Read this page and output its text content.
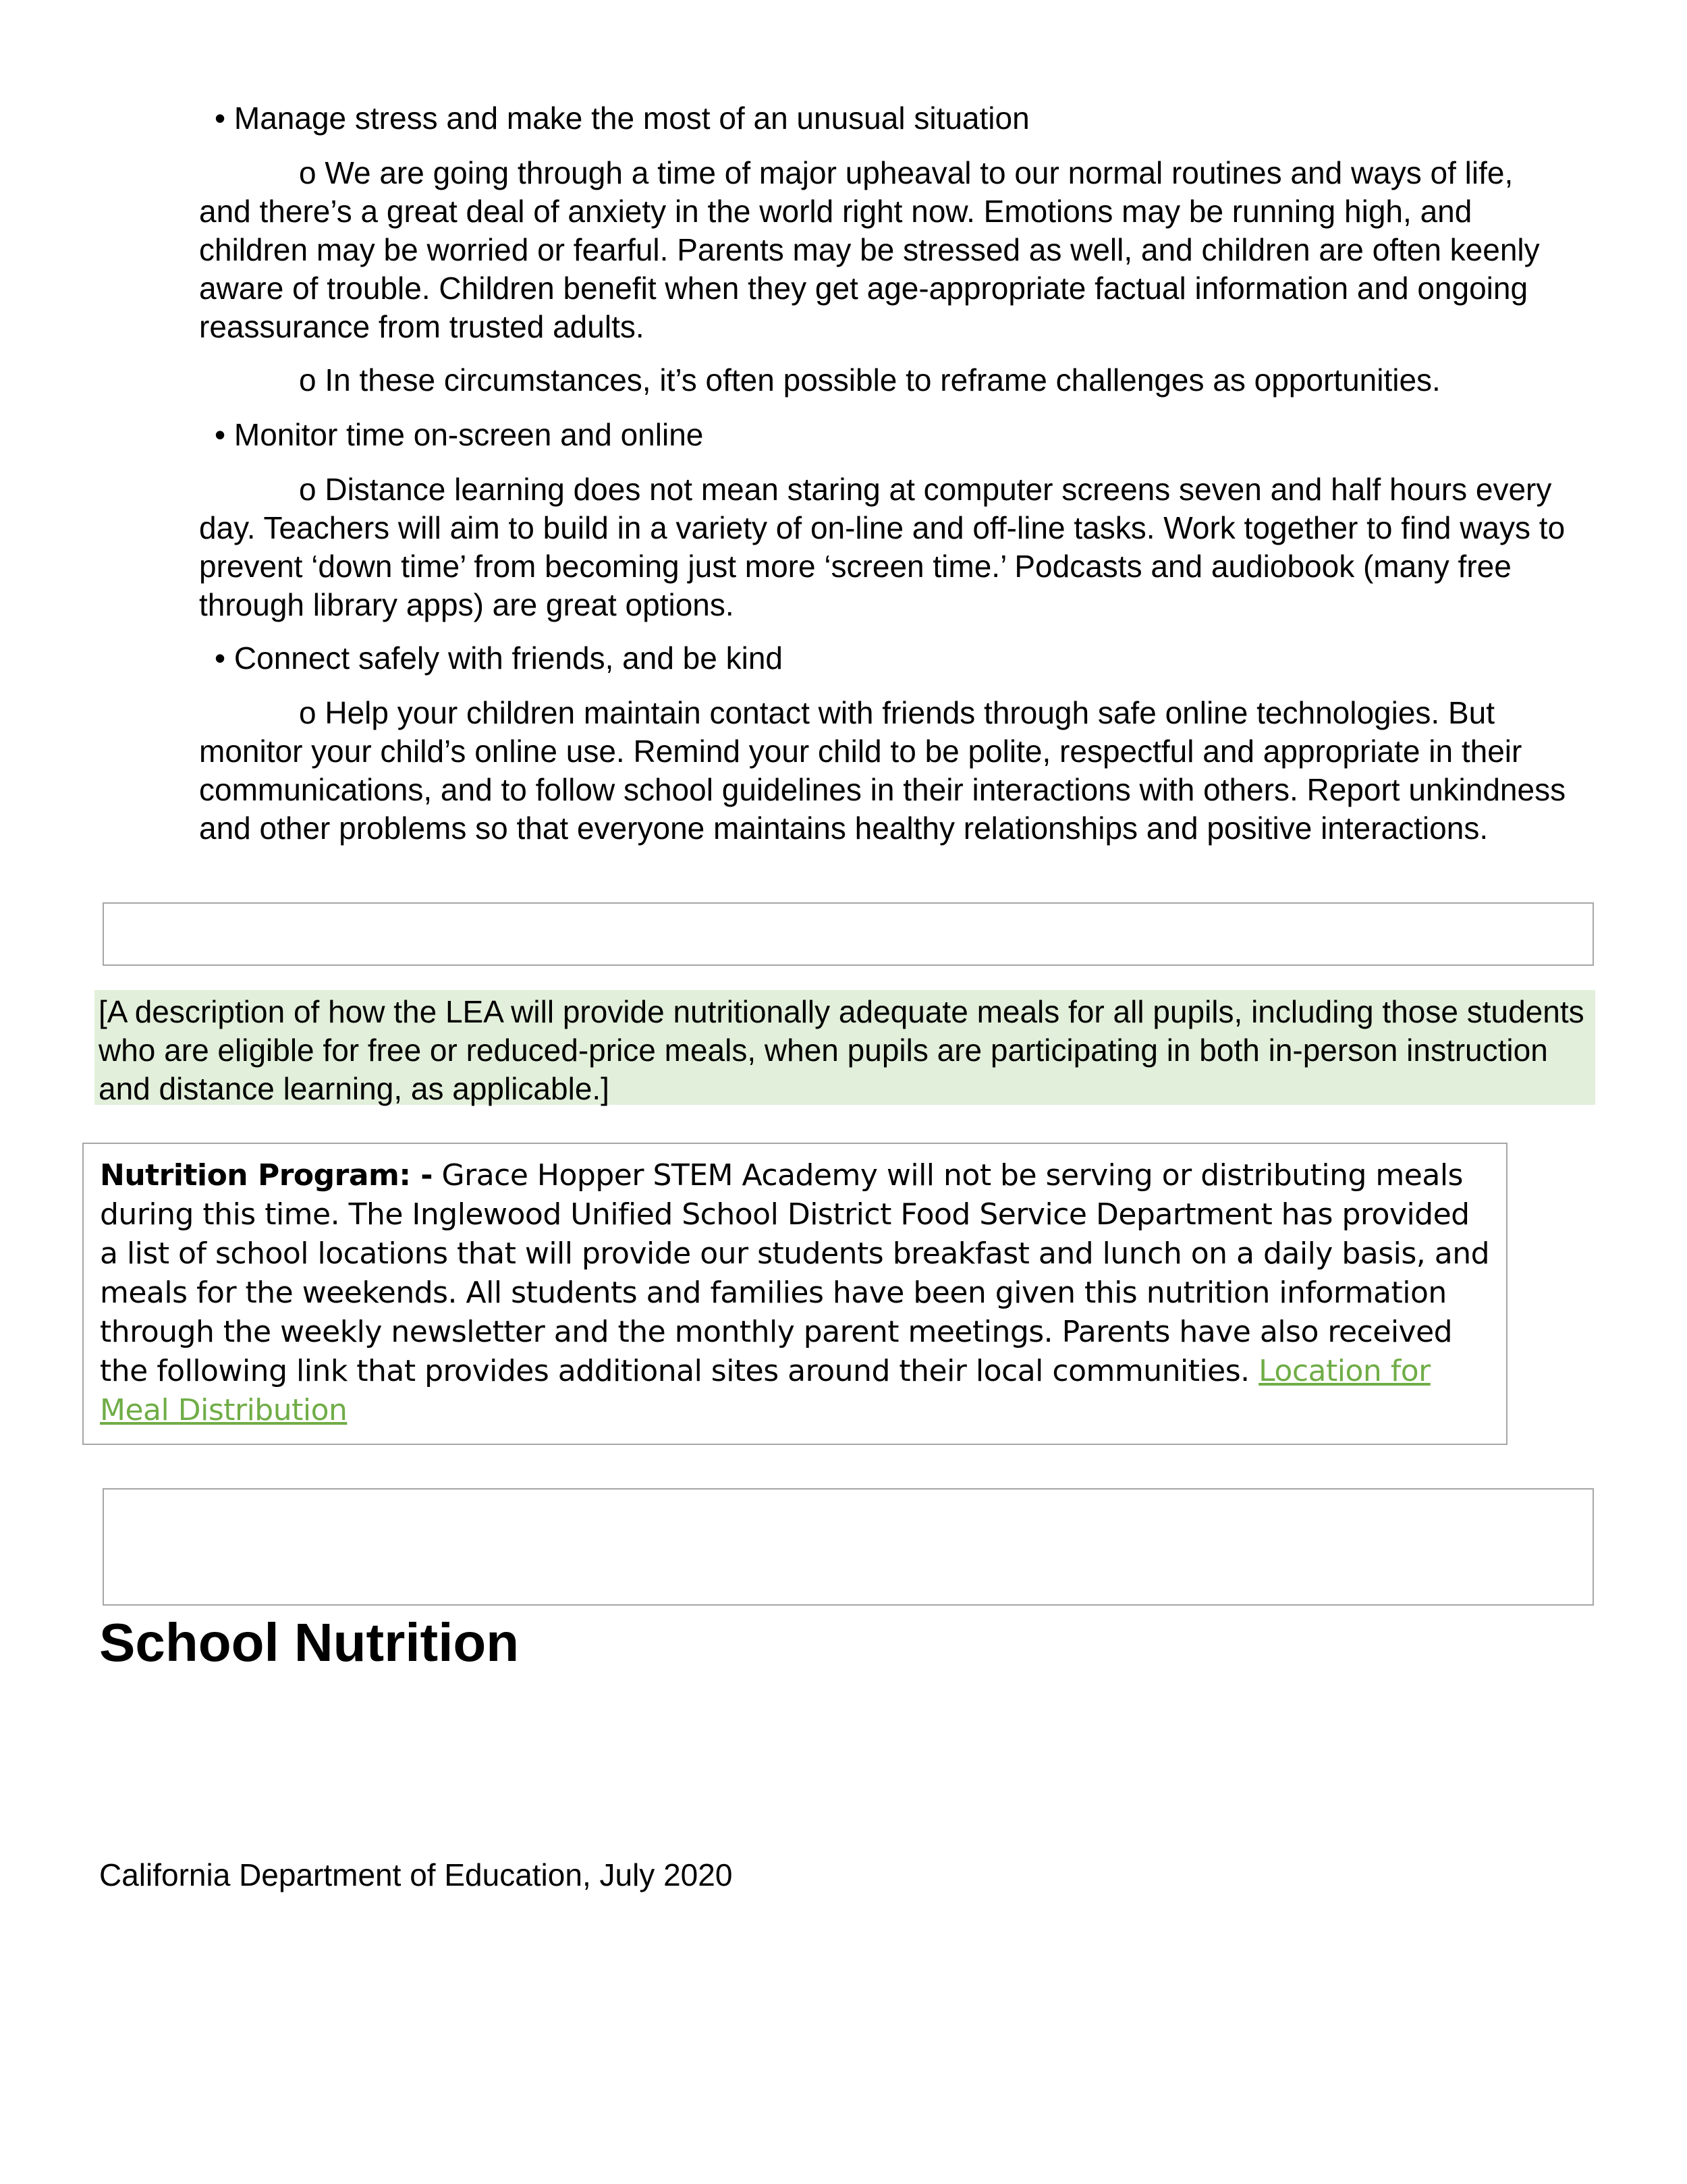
• Manage stress and make the most of an unusual situation
o We are going through a time of major upheaval to our normal routines and ways of life, and there’s a great deal of anxiety in the world right now. Emotions may be running high, and children may be worried or fearful. Parents may be stressed as well, and children are often keenly aware of trouble. Children benefit when they get age-appropriate factual information and ongoing reassurance from trusted adults.
o In these circumstances, it’s often possible to reframe challenges as opportunities.
• Monitor time on-screen and online
o Distance learning does not mean staring at computer screens seven and half hours every day. Teachers will aim to build in a variety of on-line and off-line tasks. Work together to find ways to prevent ‘down time’ from becoming just more ‘screen time.’ Podcasts and audiobook (many free through library apps) are great options.
• Connect safely with friends, and be kind
o Help your children maintain contact with friends through safe online technologies. But monitor your child’s online use. Remind your child to be polite, respectful and appropriate in their communications, and to follow school guidelines in their interactions with others. Report unkindness and other problems so that everyone maintains healthy relationships and positive interactions.
[A description of how the LEA will provide nutritionally adequate meals for all pupils, including those students who are eligible for free or reduced-price meals, when pupils are participating in both in-person instruction and distance learning, as applicable.]
Nutrition Program: - Grace Hopper STEM Academy will not be serving or distributing meals during this time. The Inglewood Unified School District Food Service Department has provided a list of school locations that will provide our students breakfast and lunch on a daily basis, and meals for the weekends. All students and families have been given this nutrition information through the weekly newsletter and the monthly parent meetings. Parents have also received the following link that provides additional sites around their local communities. Location for Meal Distribution
School Nutrition
California Department of Education, July 2020
